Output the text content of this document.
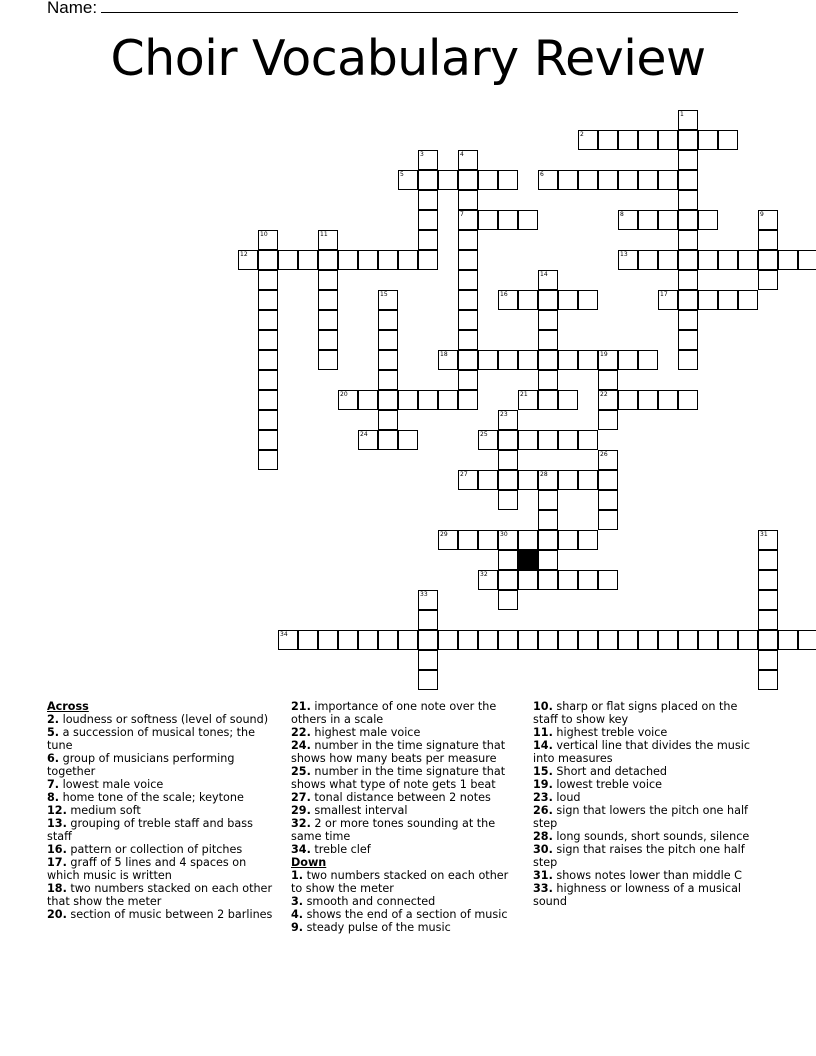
Name:
Choir Vocabulary Review
1
2
3	4
7
5	6
8	9
10	11
12	13
14
15	16	17
18	19
22
20	21
23
24	25
26
27	28
29	30	31
32
33
34
Across
2. loudness or softness (level of sound)
5. a succession of musical tones; the tune
6. group of musicians performing together
7. lowest male voice
8. home tone of the scale; keytone
12. medium soft
13. grouping of treble staff and bass staff
16. pattern or collection of pitches
17. graff of 5 lines and 4 spaces on which music is written
18. two numbers stacked on each other that show the meter
20. section of music between 2 barlines
21. importance of one note over the others in a scale
22. highest male voice
24. number in the time signature that shows how many beats per measure
25. number in the time signature that shows what type of note gets 1 beat
27. tonal distance between 2 notes
29. smallest interval
32. 2 or more tones sounding at the same time
34. treble clef
Down
1. two numbers stacked on each other to show the meter
3. smooth and connected
4. shows the end of a section of music
9. steady pulse of the music
10. sharp or flat signs placed on the staff to show key
11. highest treble voice
14. vertical line that divides the music into measures
15. Short and detached
19. lowest treble voice
23. loud
26. sign that lowers the pitch one half step
28. long sounds, short sounds, silence
30. sign that raises the pitch one half step
31. shows notes lower than middle C
33. highness or lowness of a musical sound
